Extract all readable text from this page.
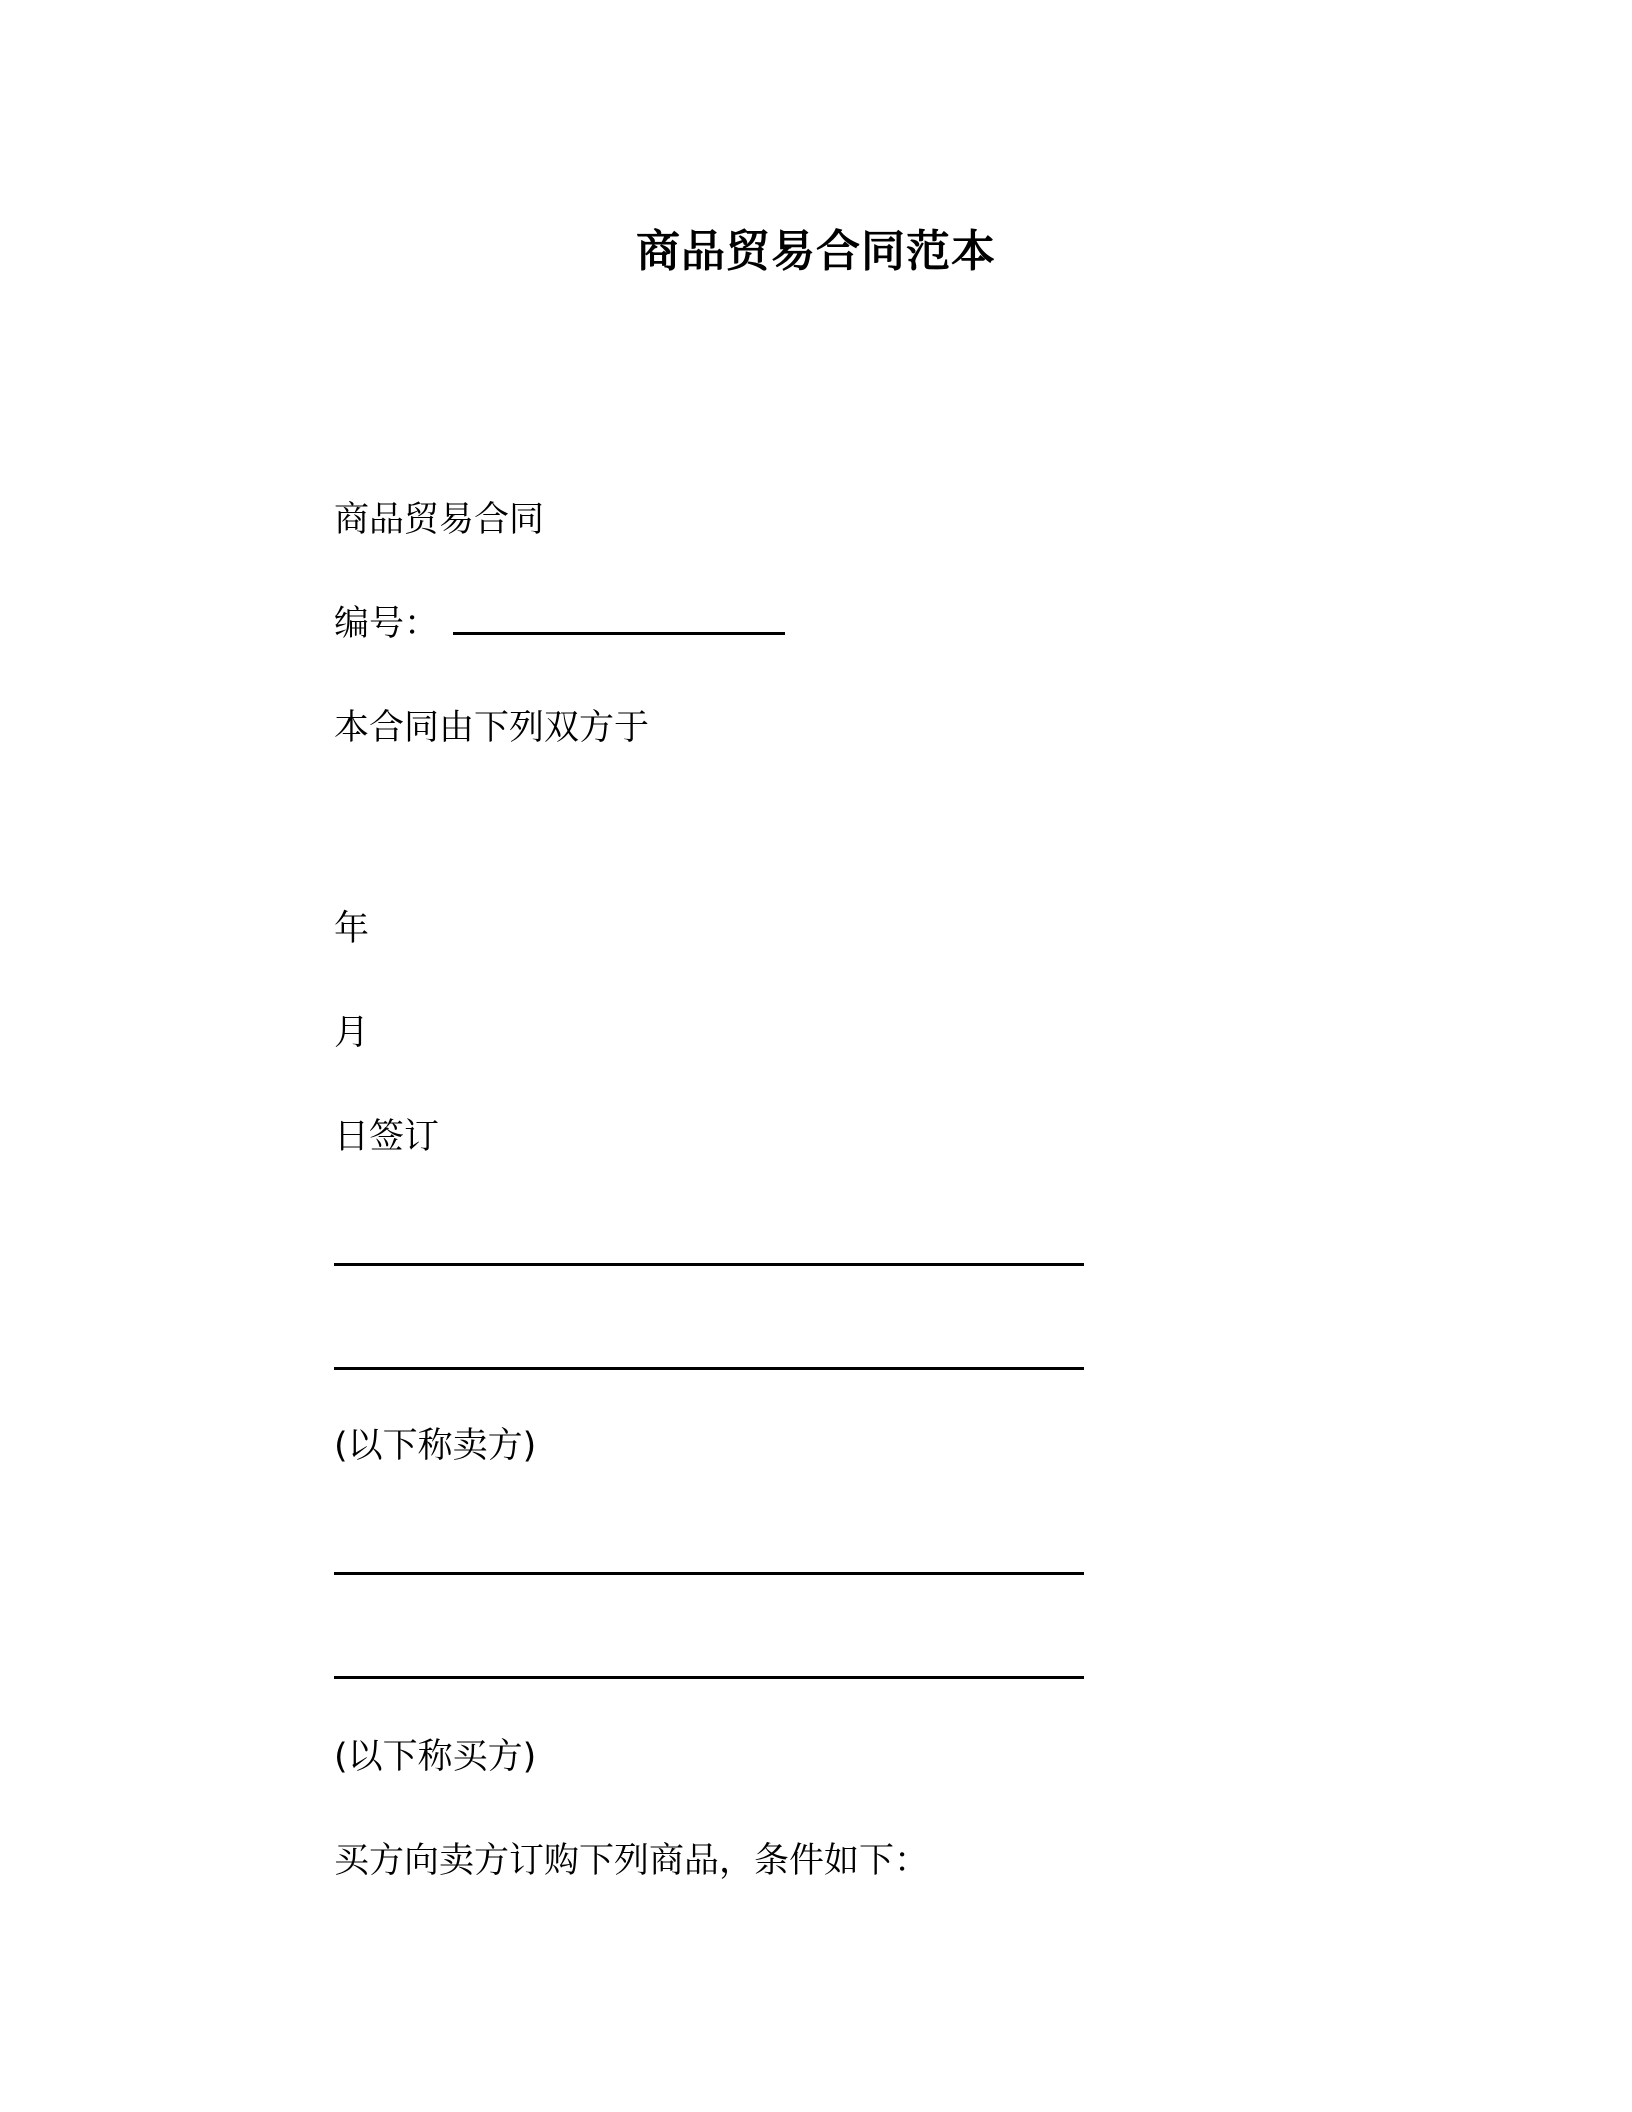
商品贸易合同范本
商品贸易合同
编号：
本合同由下列双方于
年
月
日签订
(以下称卖方)
(以下称买方)
买方向卖方订购下列商品，条件如下：
